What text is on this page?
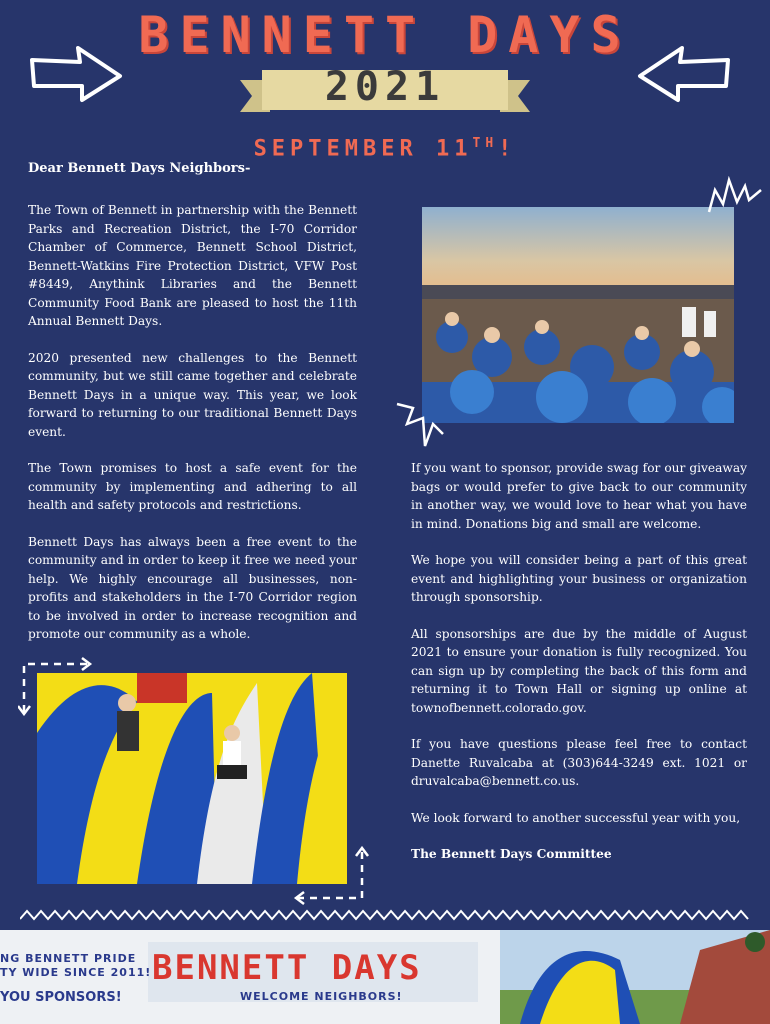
BENNETT DAYS
2021
SEPTEMBER 11TH!
Dear Bennett Days Neighbors-

The Town of Bennett in partnership with the Bennett Parks and Recreation District, the I-70 Corridor Chamber of Commerce, Bennett School District, Bennett-Watkins Fire Protection District, VFW Post #8449, Anythink Libraries and the Bennett Community Food Bank are pleased to host the 11th Annual Bennett Days.

2020 presented new challenges to the Bennett community, but we still came together and celebrate Bennett Days in a unique way. This year, we look forward to returning to our traditional Bennett Days event.

The Town promises to host a safe event for the community by implementing and adhering to all health and safety protocols and restrictions.

Bennett Days has always been a free event to the community and in order to keep it free we need your help. We highly encourage all businesses, non-profits and stakeholders in the I-70 Corridor region to be involved in order to increase recognition and promote our community as a whole.

If you want to sponsor, provide swag for our giveaway bags or would prefer to give back to our community in another way, we would love to hear what you have in mind. Donations big and small are welcome.

We hope you will consider being a part of this great event and highlighting your business or organization through sponsorship.

All sponsorships are due by the middle of August 2021 to ensure your donation is fully recognized. You can sign up by completing the back of this form and returning it to Town Hall or signing up online at townofbennett.colorado.gov.

If you have questions please feel free to contact Danette Ruvalcaba at (303)644-3249 ext. 1021 or druvalcaba@bennett.co.us.

We look forward to another successful year with you,

The Bennett Days Committee

NG BENNETT PRIDE
TY WIDE SINCE 2011!
YOU SPONSORS!
BENNETT DAYS
WELCOME NEIGHBORS!
